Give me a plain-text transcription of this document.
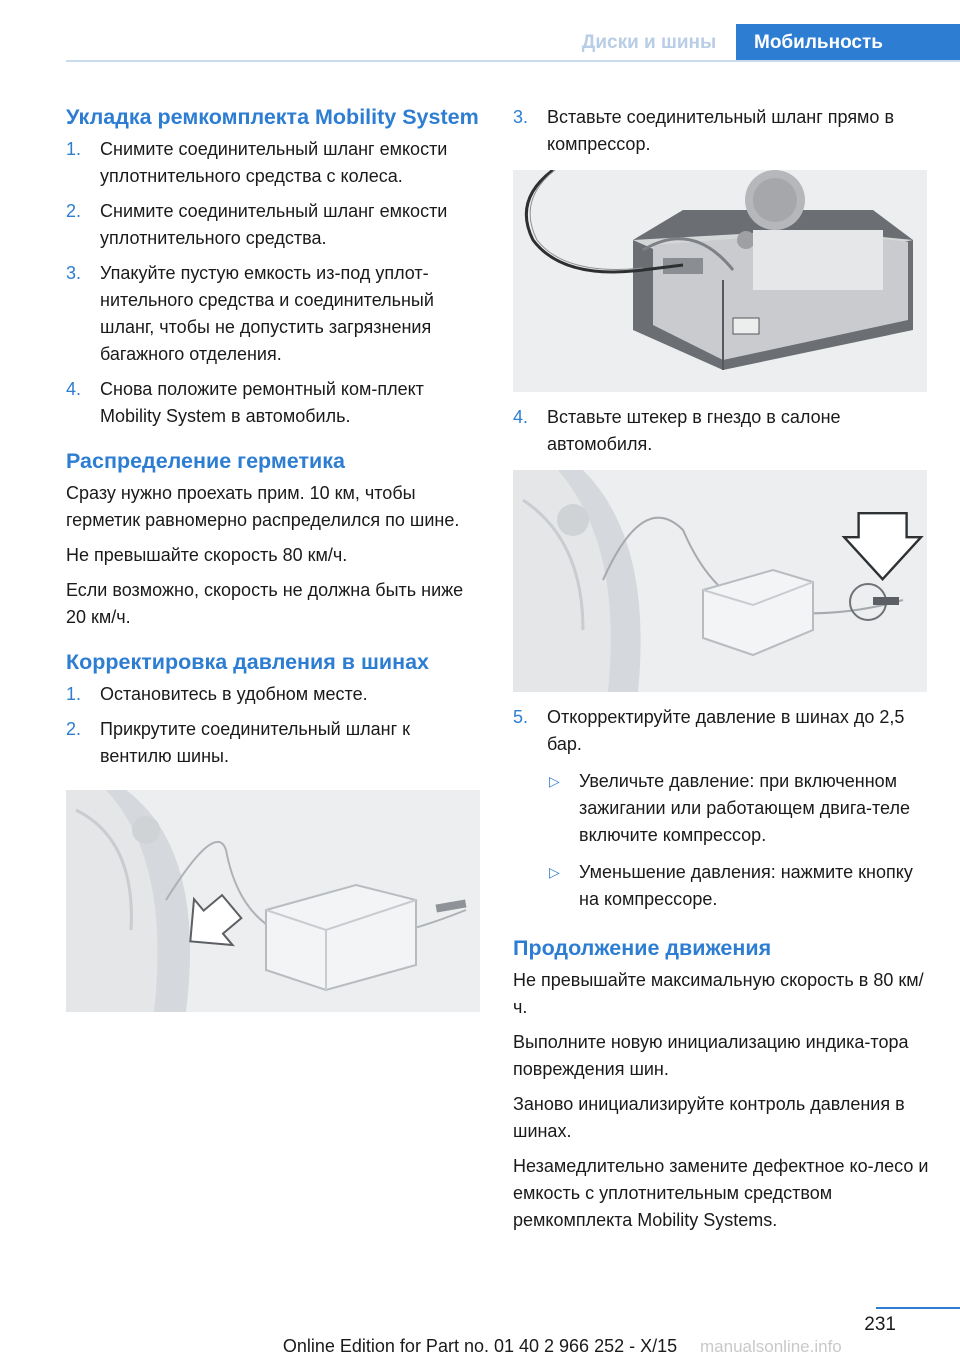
Диски и шины	Мобильность
Укладка ремкомплекта Mobility System
1. Снимите соединительный шланг емкости уплотнительного средства с колеса.
2. Снимите соединительный шланг емкости уплотнительного средства.
3. Упакуйте пустую емкость из-под уплот-нительного средства и соединительный шланг, чтобы не допустить загрязнения багажного отделения.
4. Снова положите ремонтный ком-плект Mobility System в автомобиль.
Распределение герметика

Сразу нужно проехать прим. 10 км, чтобы герметик равномерно распределился по шине.

Не превышайте скорость 80 км/ч.

Если возможно, скорость не должна быть ниже 20 км/ч.

Корректировка давления в шинах
1. Остановитесь в удобном месте.
2. Прикрутите соединительный шланг к вентилю шины.
3. Вставьте соединительный шланг прямо в компрессор.
4. Вставьте штекер в гнездо в салоне автомобиля.
5. Откорректируйте давление в шинах до 2,5 бар.
▷ Увеличьте давление: при включенном зажигании или работающем двига-теле включите компрессор.
▷ Уменьшение давления: нажмите кнопку на компрессоре.
Продолжение движения

Не превышайте максимальную скорость в 80 км/ч.

Выполните новую инициализацию индика-тора повреждения шин.

Заново инициализируйте контроль давления в шинах.

Незамедлительно замените дефектное ко-лесо и емкость с уплотнительным средством ремкомплекта Mobility Systems.

231
Online Edition for Part no. 01 40 2 966 252 - X/15	manualsonline.info
